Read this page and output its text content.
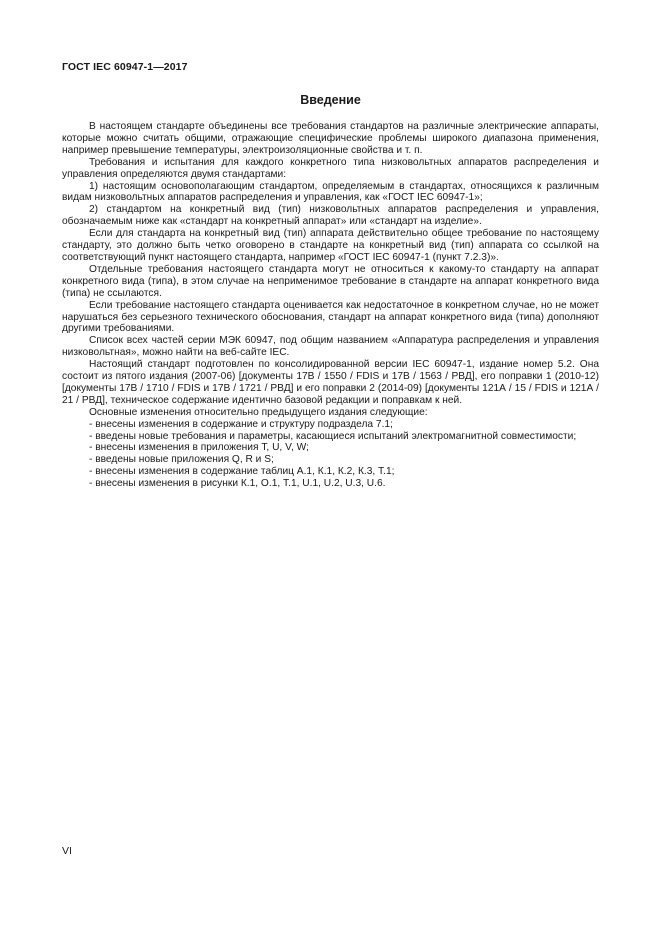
ГОСТ IEC 60947-1—2017
Введение

В настоящем стандарте объединены все требования стандартов на различные электрические аппараты, которые можно считать общими, отражающие специфические проблемы широкого диапазона применения, например превышение температуры, электроизоляционные свойства и т. п.

Требования и испытания для каждого конкретного типа низковольтных аппаратов распределения и управления определяются двумя стандартами:

1) настоящим основополагающим стандартом, определяемым в стандартах, относящихся к различным видам низковольтных аппаратов распределения и управления, как «ГОСТ IEC 60947-1»;

2) стандартом на конкретный вид (тип) низковольтных аппаратов распределения и управления, обозначаемым ниже как «стандарт на конкретный аппарат» или «стандарт на изделие».

Если для стандарта на конкретный вид (тип) аппарата действительно общее требование по настоящему стандарту, это должно быть четко оговорено в стандарте на конкретный вид (тип) аппарата со ссылкой на соответствующий пункт настоящего стандарта, например «ГОСТ IEC 60947-1 (пункт 7.2.3)».

Отдельные требования настоящего стандарта могут не относиться к какому-то стандарту на аппарат конкретного вида (типа), в этом случае на неприменимое требование в стандарте на аппарат конкретного вида (типа) не ссылаются.

Если требование настоящего стандарта оценивается как недостаточное в конкретном случае, но не может нарушаться без серьезного технического обоснования, стандарт на аппарат конкретного вида (типа) дополняют другими требованиями.

Список всех частей серии МЭК 60947, под общим названием «Аппаратура распределения и управления низковольтная», можно найти на веб-сайте IEC.

Настоящий стандарт подготовлен по консолидированной версии IEC 60947-1, издание номер 5.2. Она состоит из пятого издания (2007-06) [документы 17В / 1550 / FDIS и 17В / 1563 / РВД], его поправки 1 (2010-12) [документы 17В / 1710 / FDIS и 17В / 1721 / РВД] и его поправки 2 (2014-09) [документы 121А / 15 / FDIS и 121А / 21 / РВД], техническое содержание идентично базовой редакции и поправкам к ней.

Основные изменения относительно предыдущего издания следующие:

- внесены изменения в содержание и структуру подраздела 7.1;

- введены новые требования и параметры, касающиеся испытаний электромагнитной совместимости;

- внесены изменения в приложения T, U, V, W;

- введены новые приложения Q, R и S;

- внесены изменения в содержание таблиц А.1, К.1, К.2, К.3, Т.1;

- внесены изменения в рисунки К.1, О.1, Т.1, U.1, U.2, U.3, U.6.

VI
